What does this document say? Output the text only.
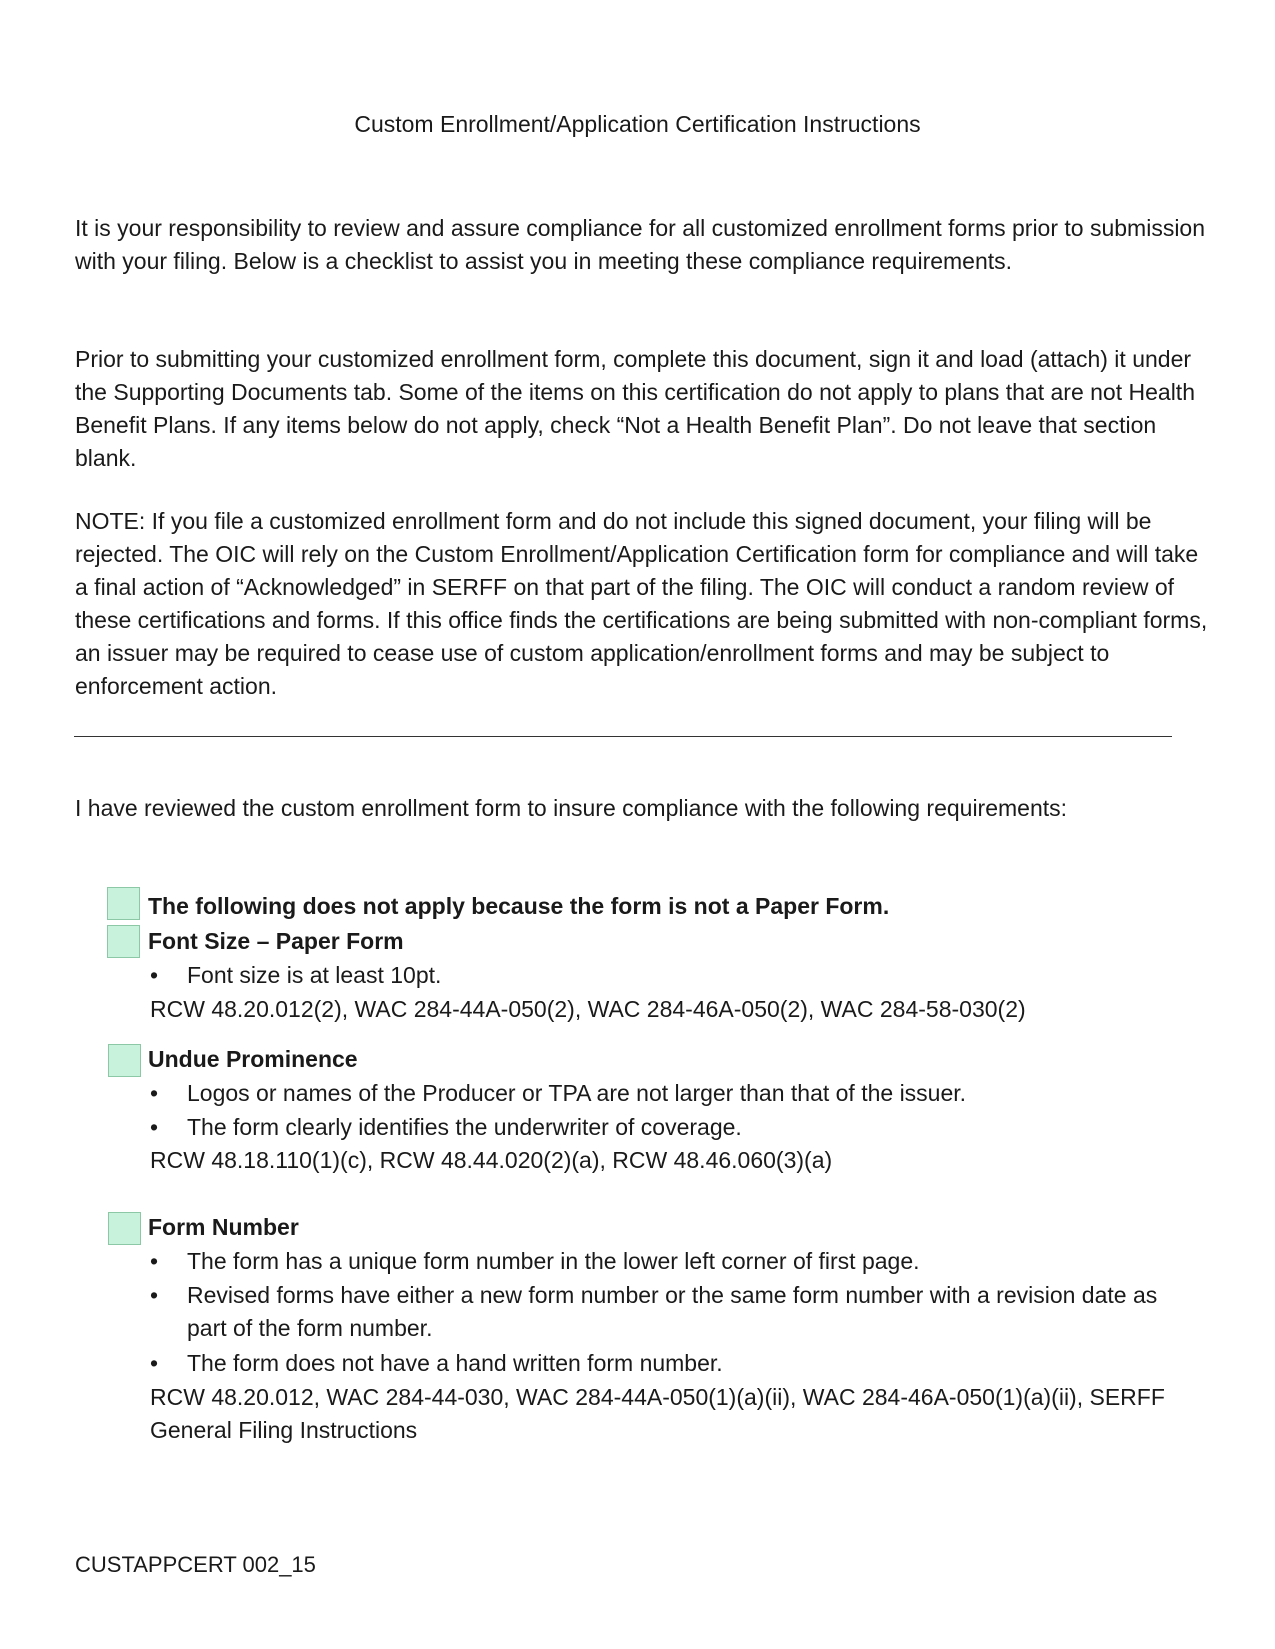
Custom Enrollment/Application Certification Instructions

It is your responsibility to review and assure compliance for all customized enrollment forms prior to submission with your filing. Below is a checklist to assist you in meeting these compliance requirements.

Prior to submitting your customized enrollment form, complete this document, sign it and load (attach) it under the Supporting Documents tab. Some of the items on this certification do not apply to plans that are not Health Benefit Plans. If any items below do not apply, check “Not a Health Benefit Plan”. Do not leave that section blank.

NOTE: If you file a customized enrollment form and do not include this signed document, your filing will be rejected. The OIC will rely on the Custom Enrollment/Application Certification form for compliance and will take a final action of “Acknowledged” in SERFF on that part of the filing. The OIC will conduct a random review of these certifications and forms. If this office finds the certifications are being submitted with non-compliant forms, an issuer may be required to cease use of custom application/enrollment forms and may be subject to enforcement action.

I have reviewed the custom enrollment form to insure compliance with the following requirements:

The following does not apply because the form is not a Paper Form.
Font Size – Paper Form
• Font size is at least 10pt.
RCW 48.20.012(2), WAC 284-44A-050(2), WAC 284-46A-050(2), WAC 284-58-030(2)
Undue Prominence
• Logos or names of the Producer or TPA are not larger than that of the issuer.
• The form clearly identifies the underwriter of coverage.
RCW 48.18.110(1)(c), RCW 48.44.020(2)(a), RCW 48.46.060(3)(a)
Form Number
• The form has a unique form number in the lower left corner of first page.
• Revised forms have either a new form number or the same form number with a revision date as part of the form number.
• The form does not have a hand written form number.
RCW 48.20.012, WAC 284-44-030, WAC 284-44A-050(1)(a)(ii), WAC 284-46A-050(1)(a)(ii), SERFF General Filing Instructions
CUSTAPPCERT 002_15
